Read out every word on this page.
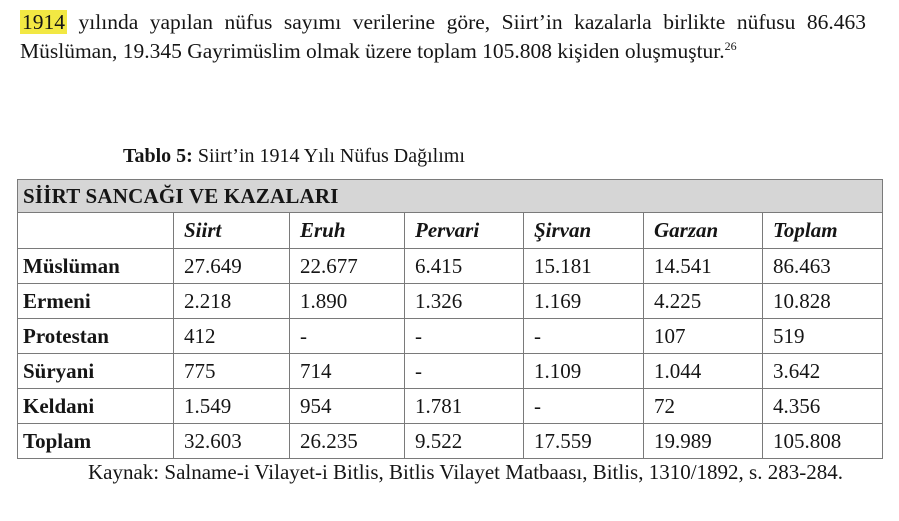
1914 yılında yapılan nüfus sayımı verilerine göre, Siirt’in kazalarla birlikte nüfusu 86.463 Müslüman, 19.345 Gayrimüslim olmak üzere toplam 105.808 kişiden oluşmuştur.$^{26}$

Tablo 5: Siirt’in 1914 Yılı Nüfus Dağılımı
SİİRT SANCAĞI VE KAZALARI						
	Siirt	Eruh	Pervari	Şirvan	Garzan	Toplam
Müslüman	27.649	22.677	6.415	15.181	14.541	86.463
Ermeni	2.218	1.890	1.326	1.169	4.225	10.828
Protestan	412	-	-	-	107	519
Süryani	775	714	-	1.109	1.044	3.642
Keldani	1.549	954	1.781	-	72	4.356
Toplam	32.603	26.235	9.522	17.559	19.989	105.808

Kaynak: Salname-i Vilayet-i Bitlis, Bitlis Vilayet Matbaası, Bitlis, 1310/1892, s. 283-284.
